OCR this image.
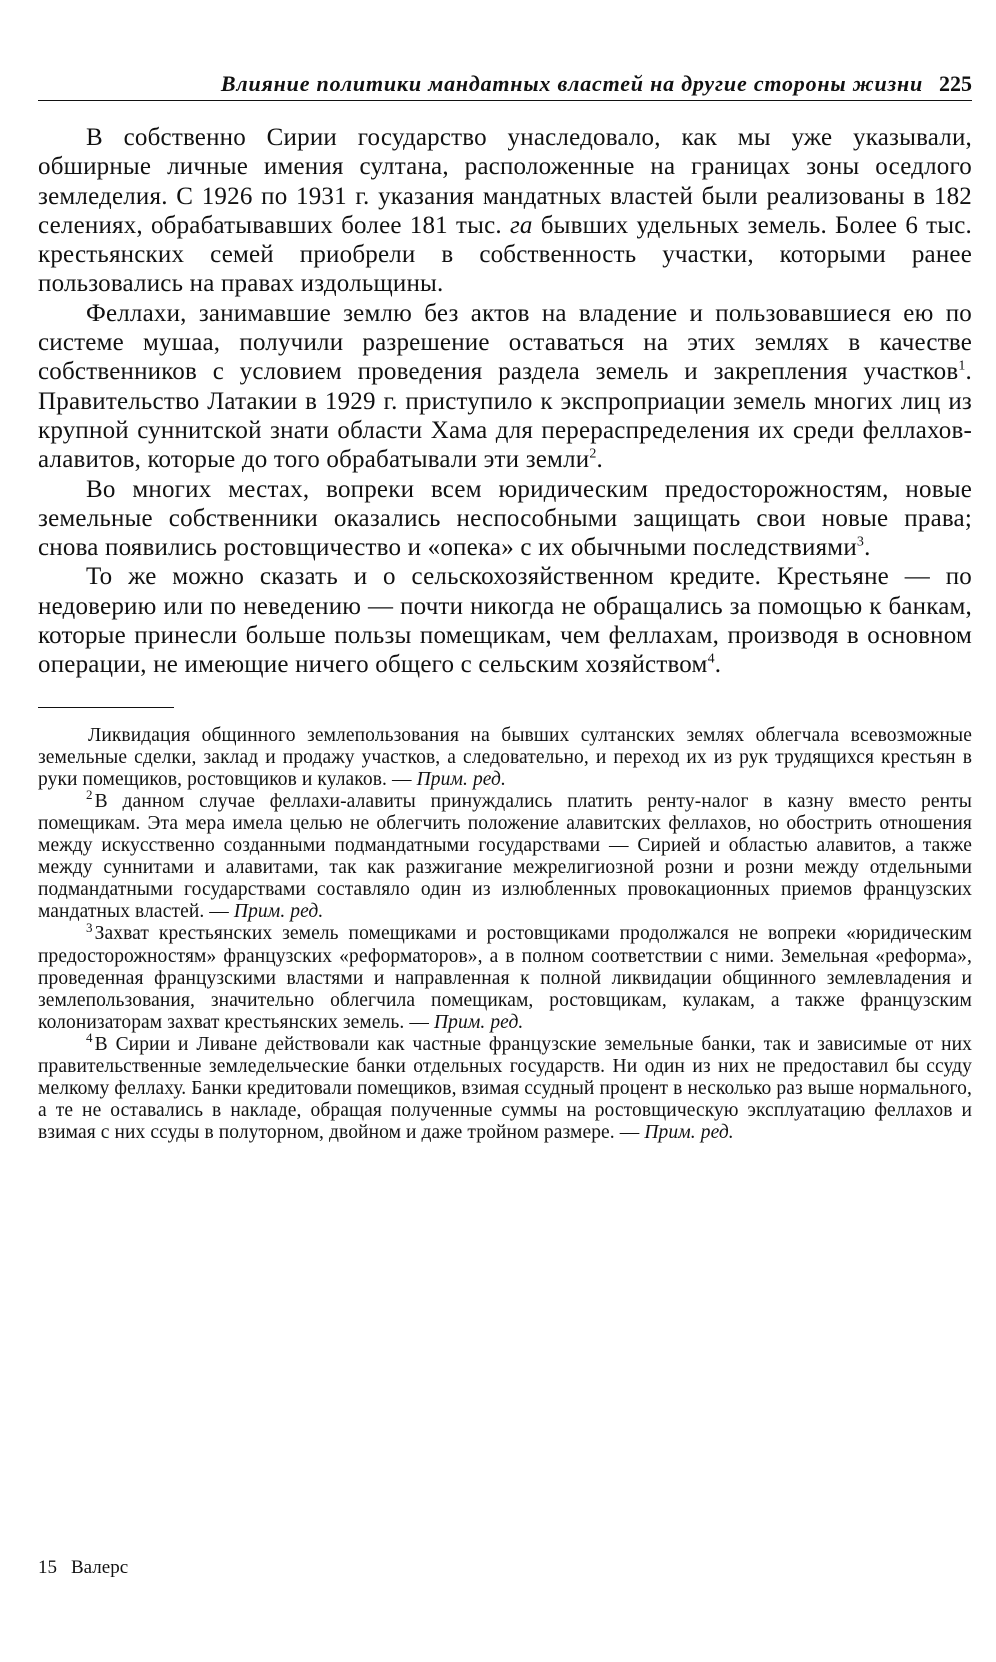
Влияние политики мандатных властей на другие стороны жизни 225

В собственно Сирии государство унаследовало, как мы уже указывали, обширные личные имения султана, расположенные на границах зоны оседлого земледелия. С 1926 по 1931 г. указания мандатных властей были реализованы в 182 селениях, обрабатывавших более 181 тыс. га бывших удельных земель. Более 6 тыс. крестьянских семей приобрели в собственность участки, которыми ранее пользовались на правах издольщины.

Феллахи, занимавшие землю без актов на владение и пользовавшиеся ею по системе мушаа, получили разрешение оставаться на этих землях в качестве собственников с условием проведения раздела земель и закрепления участков$^1$. Правительство Латакии в 1929 г. приступило к экспроприации земель многих лиц из крупной суннитской знати области Хама для перераспределения их среди феллахов-алавитов, которые до того обрабатывали эти земли$^2$.

Во многих местах, вопреки всем юридическим предосторожностям, новые земельные собственники оказались неспособными защищать свои новые права; снова появились ростовщичество и «опека» с их обычными последствиями$^3$.

То же можно сказать и о сельскохозяйственном кредите. Крестьяне — по недоверию или по неведению — почти никогда не обращались за помощью к банкам, которые принесли больше пользы помещикам, чем феллахам, производя в основном операции, не имеющие ничего общего с сельским хозяйством$^4$.

Ликвидация общинного землепользования на бывших султанских землях облегчала всевозможные земельные сделки, заклад и продажу участков, а следовательно, и переход их из рук трудящихся крестьян в руки помещиков, ростовщиков и кулаков. — Прим. ред.

$^2$ В данном случае феллахи-алавиты принуждались платить ренту-налог в казну вместо ренты помещикам. Эта мера имела целью не облегчить положение алавитских феллахов, но обострить отношения между искусственно созданными подмандатными государствами — Сирией и областью алавитов, а также между суннитами и алавитами, так как разжигание межрелигиозной розни и розни между отдельными подмандатными государствами составляло один из излюбленных провокационных приемов французских мандатных властей. — Прим. ред.

$^3$ Захват крестьянских земель помещиками и ростовщиками продолжался не вопреки «юридическим предосторожностям» французских «реформаторов», а в полном соответствии с ними. Земельная «реформа», проведенная французскими властями и направленная к полной ликвидации общинного землевладения и землепользования, значительно облегчила помещикам, ростовщикам, кулакам, а также французским колонизаторам захват крестьянских земель. — Прим. ред.

$^4$ В Сирии и Ливане действовали как частные французские земельные банки, так и зависимые от них правительственные земледельческие банки отдельных государств. Ни один из них не предоставил бы ссуду мелкому феллаху. Банки кредитовали помещиков, взимая ссудный процент в несколько раз выше нормального, а те не оставались в накладе, обращая полученные суммы на ростовщическую эксплуатацию феллахов и взимая с них ссуды в полуторном, двойном и даже тройном размере. — Прим. ред.

15 Валерс
